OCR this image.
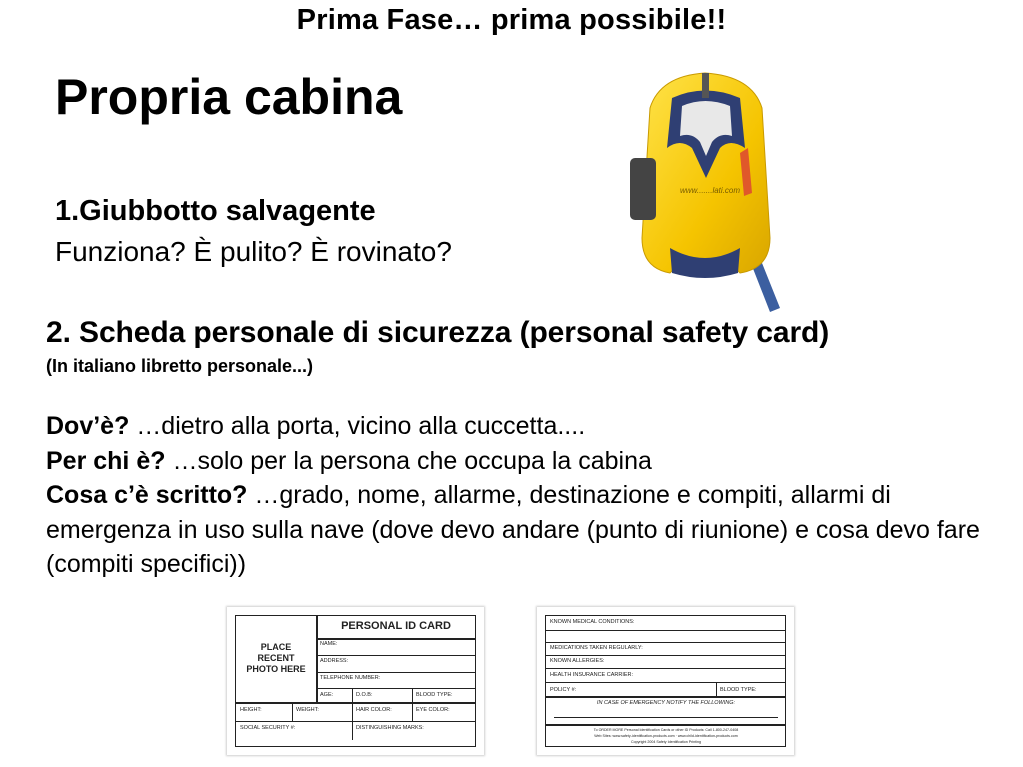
Prima Fase… prima possibile!!
Propria cabina
1.Giubbotto salvagente
Funziona? È pulito? È rovinato?
www.......lati.com
2. Scheda personale di sicurezza (personal safety card)
(In italiano libretto personale...)
Dov’è? …dietro alla porta, vicino alla cuccetta....
Per chi è? …solo per la persona che occupa la cabina
Cosa c’è scritto? …grado, nome, allarme, destinazione e compiti, allarmi di emergenza in uso sulla nave (dove devo andare (punto di riunione) e cosa devo fare (compiti specifici))
PLACE RECENT PHOTO HERE
PERSONAL ID CARD
NAME:
ADDRESS:
TELEPHONE NUMBER:
AGE:	D.O.B:	BLOOD TYPE:
HEIGHT:	WEIGHT:	HAIR COLOR:	EYE COLOR:
SOCIAL SECURITY #:	DISTINGUISHING MARKS:
KNOWN MEDICAL CONDITIONS:
MEDICATIONS TAKEN REGULARLY:
KNOWN ALLERGIES:
HEALTH INSURANCE CARRIER:
POLICY #:	BLOOD TYPE:
IN CASE OF EMERGENCY NOTIFY THE FOLLOWING:
To ORDER MORE Personal Identification Cards or other ID Products: Call 1-800-247-0408
Web Sites: www.safety-identification-products.com · www.child-identification-products.com
Copyright 2004 Safety Identification Printing
